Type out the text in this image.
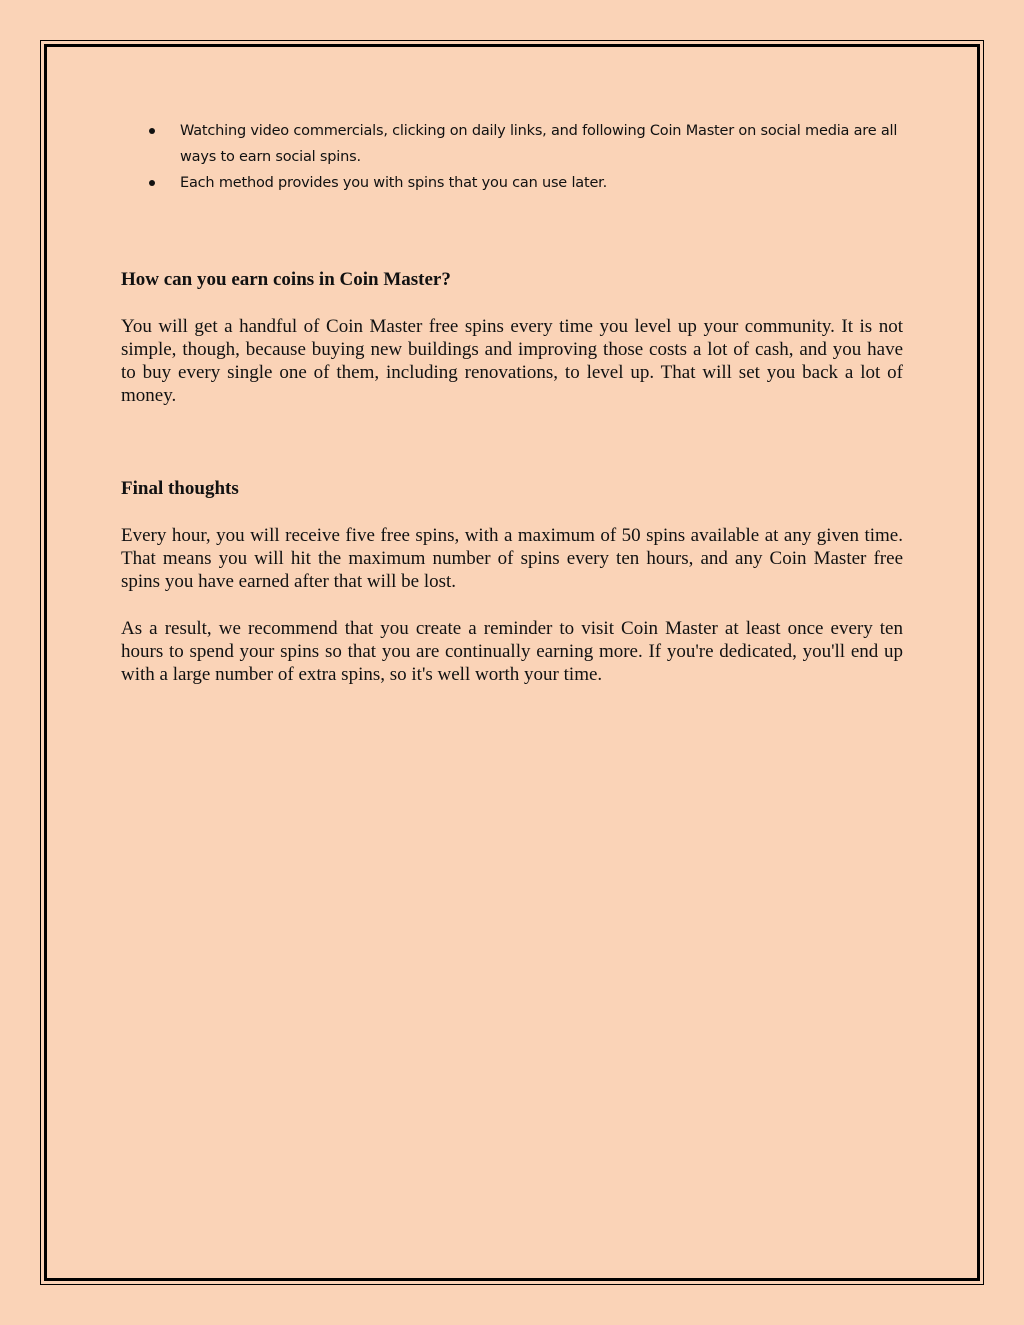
Watching video commercials, clicking on daily links, and following Coin Master on social media are all ways to earn social spins.
Each method provides you with spins that you can use later.
How can you earn coins in Coin Master?

You will get a handful of Coin Master free spins every time you level up your community. It is not simple, though, because buying new buildings and improving those costs a lot of cash, and you have to buy every single one of them, including renovations, to level up. That will set you back a lot of money.

Final thoughts

Every hour, you will receive five free spins, with a maximum of 50 spins available at any given time. That means you will hit the maximum number of spins every ten hours, and any Coin Master free spins you have earned after that will be lost.

As a result, we recommend that you create a reminder to visit Coin Master at least once every ten hours to spend your spins so that you are continually earning more. If you're dedicated, you'll end up with a large number of extra spins, so it's well worth your time.
